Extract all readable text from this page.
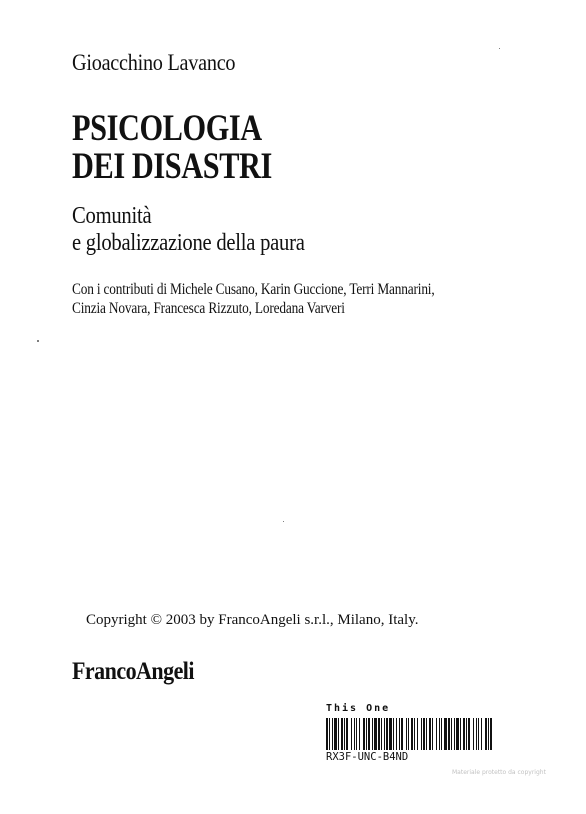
Gioacchino Lavanco
PSICOLOGIA
DEI DISASTRI
Comunità
e globalizzazione della paura
Con i contributi di Michele Cusano, Karin Guccione, Terri Mannarini,
Cinzia Novara, Francesca Rizzuto, Loredana Varveri
Copyright © 2003 by FrancoAngeli s.r.l., Milano, Italy.
FrancoAngeli
This One
RX3F-UNC-B4ND
Materiale protetto da copyright
